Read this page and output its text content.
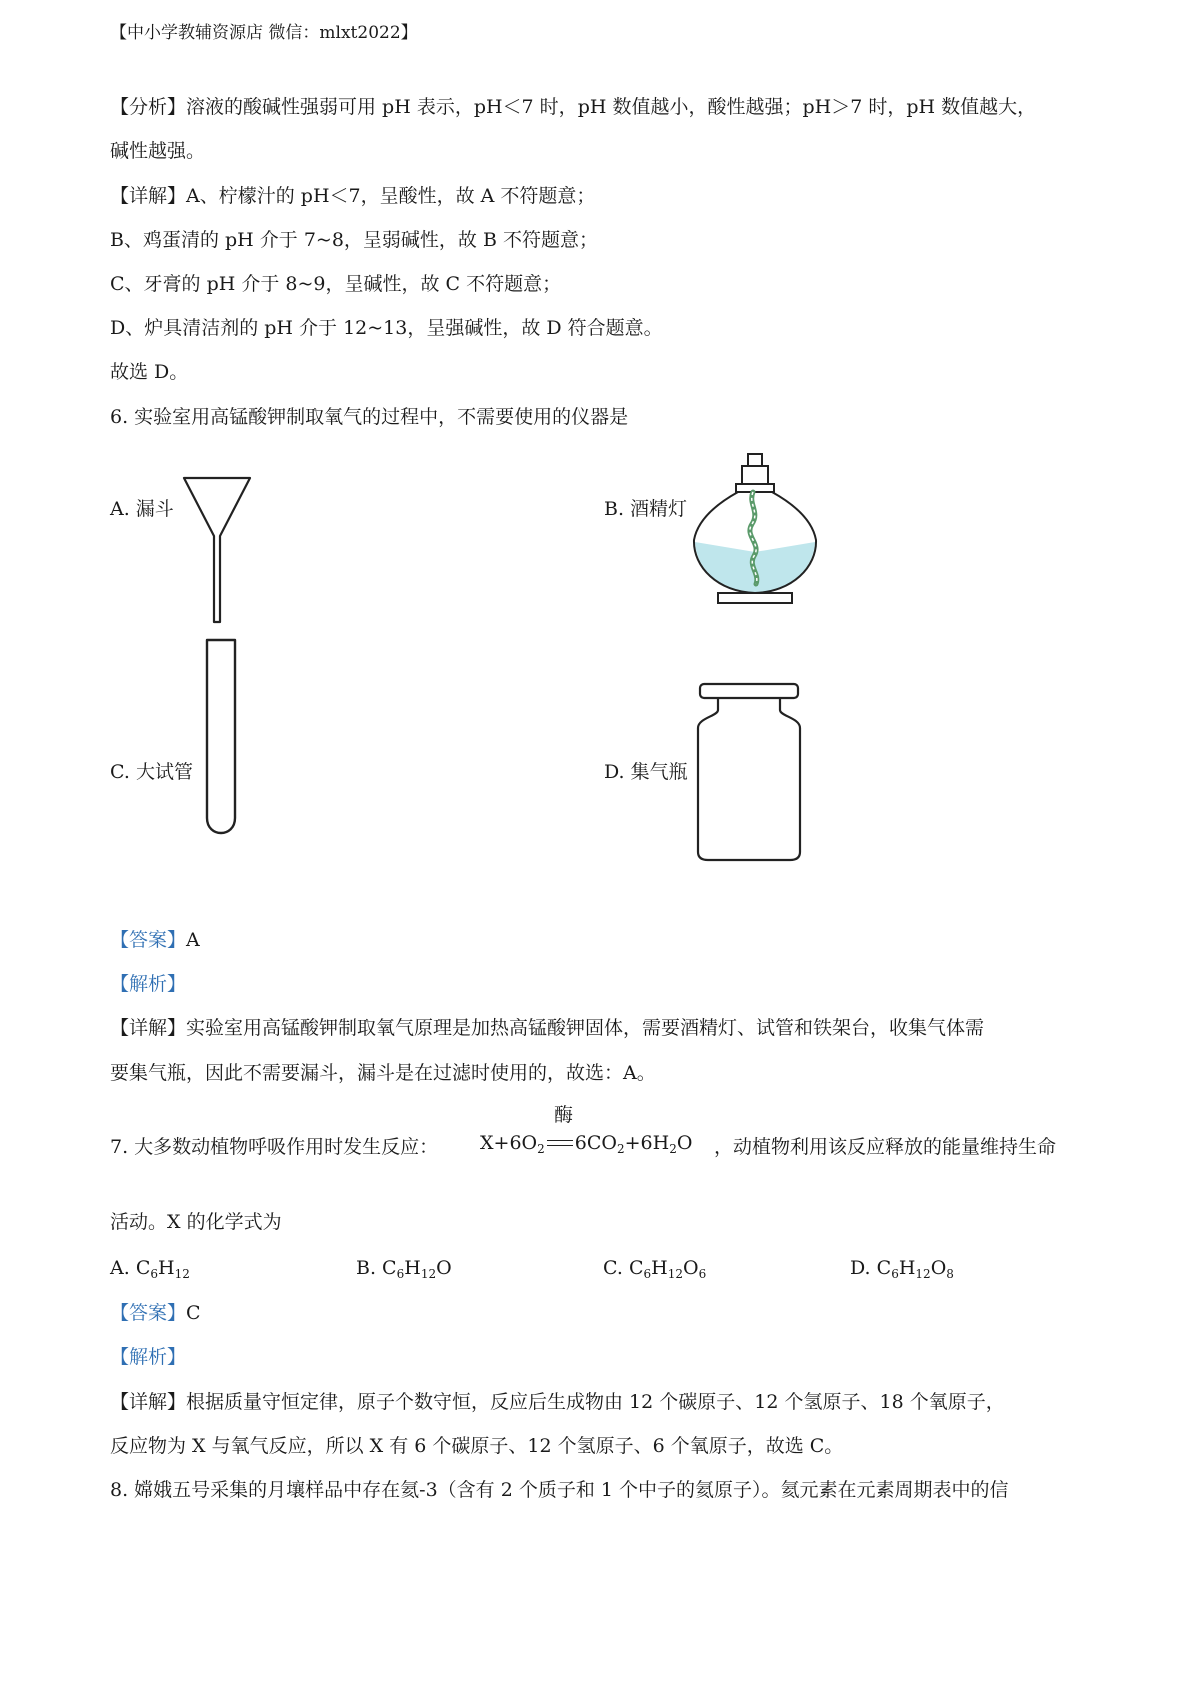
【中小学教辅资源店 微信：mlxt2022】
【分析】溶液的酸碱性强弱可用 pH 表示，pH＜7 时，pH 数值越小，酸性越强；pH＞7 时，pH 数值越大，
碱性越强。
【详解】A、柠檬汁的 pH＜7，呈酸性，故 A 不符题意；
B、鸡蛋清的 pH 介于 7~8，呈弱碱性，故 B 不符题意；
C、牙膏的 pH 介于 8~9，呈碱性，故 C 不符题意；
D、炉具清洁剂的 pH 介于 12~13，呈强碱性，故 D 符合题意。
故选 D。
6. 实验室用高锰酸钾制取氧气的过程中，不需要使用的仪器是
A. 漏斗	B. 酒精灯
C. 大试管	D. 集气瓶
【答案】A
【解析】
【详解】实验室用高锰酸钾制取氧气原理是加热高锰酸钾固体，需要酒精灯、试管和铁架台，收集气体需
要集气瓶，因此不需要漏斗，漏斗是在过滤时使用的，故选：A。
7. 大多数动植物呼吸作用时发生反应： $X+6O_2$ $6CO_2+6H_2O$
酶
，动植物利用该反应释放的能量维持生命
活动。X 的化学式为
A. $C_6H_{12}$	B. $C_6H_{12}O$	C. $C_6H_{12}O_6$	D. $C_6H_{12}O_8$
【答案】C
【解析】
【详解】根据质量守恒定律，原子个数守恒，反应后生成物由 12 个碳原子、12 个氢原子、18 个氧原子，
反应物为 X 与氧气反应，所以 X 有 6 个碳原子、12 个氢原子、6 个氧原子，故选 C。
8. 嫦娥五号采集的月壤样品中存在氦-3（含有 2 个质子和 1 个中子的氦原子）。氦元素在元素周期表中的信
